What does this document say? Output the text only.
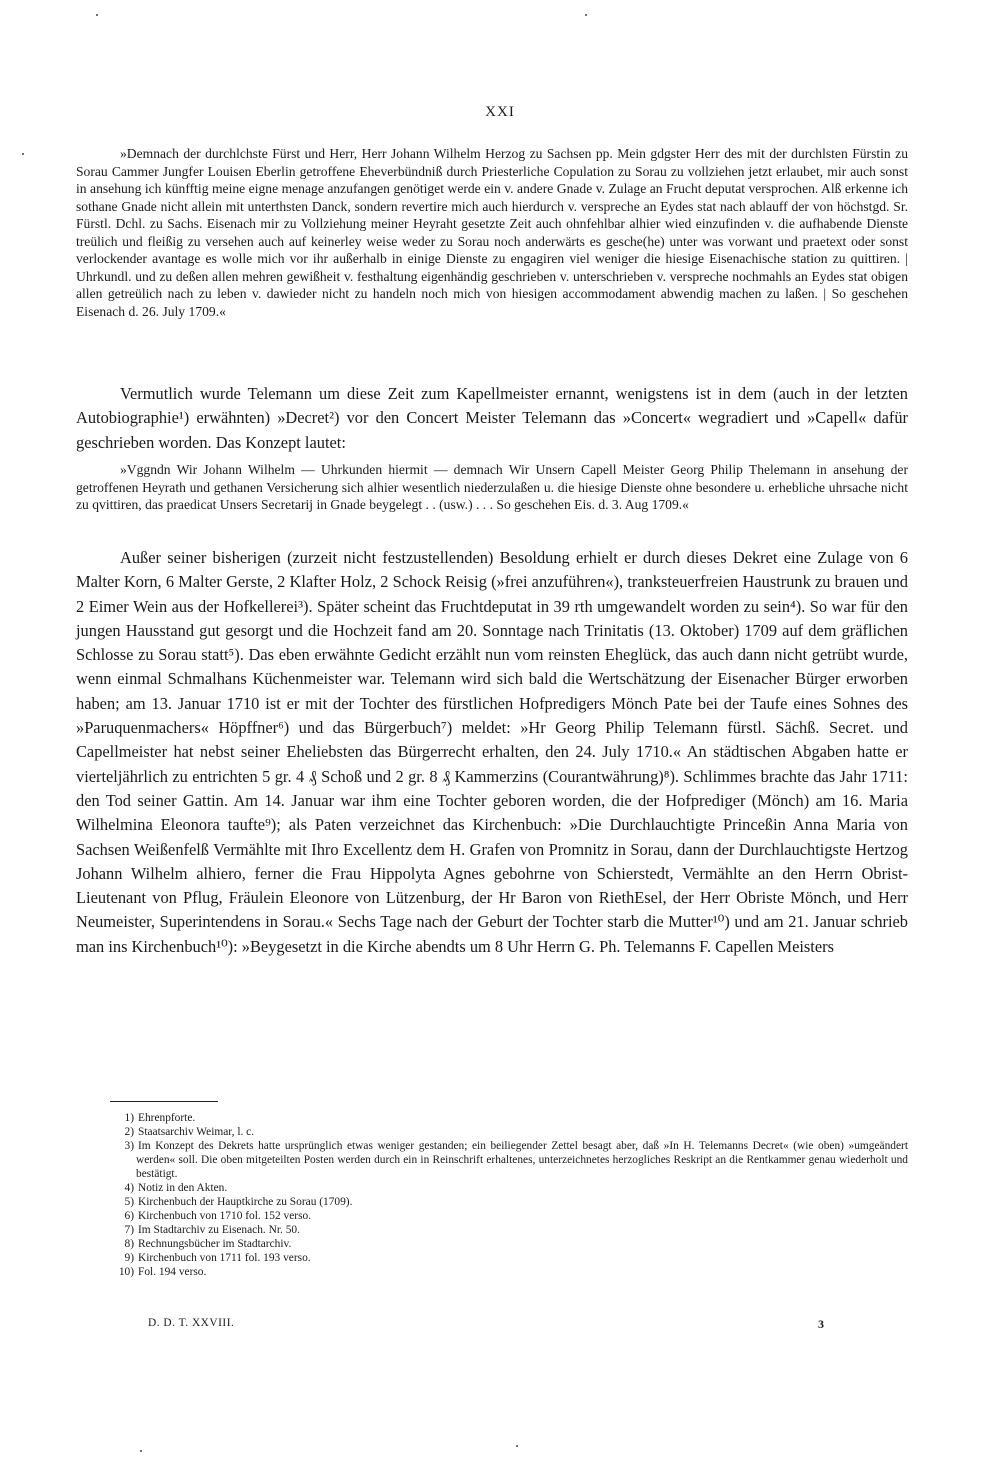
XXI

»Demnach der durchlchste Fürst und Herr, Herr Johann Wilhelm Herzog zu Sachsen pp. Mein gdgster Herr des mit der durchlsten Fürstin zu Sorau Cammer Jungfer Louisen Eberlin getroffene Eheverbündniß durch Priesterliche Copulation zu Sorau zu vollziehen jetzt erlaubet, mir auch sonst in ansehung ich künfftig meine eigne menage anzufangen genötiget werde ein v. andere Gnade v. Zulage an Frucht deputat versprochen. Alß erkenne ich sothane Gnade nicht allein mit unterthsten Danck, sondern revertire mich auch hierdurch v. verspreche an Eydes stat nach ablauff der von höchstgd. Sr. Fürstl. Dchl. zu Sachs. Eisenach mir zu Vollziehung meiner Heyraht gesetzte Zeit auch ohnfehlbar alhier wied einzufinden v. die aufhabende Dienste treülich und fleißig zu versehen auch auf keinerley weise weder zu Sorau noch anderwärts es gesche(he) unter was vorwant und praetext oder sonst verlockender avantage es wolle mich vor ihr außerhalb in einige Dienste zu engagiren viel weniger die hiesige Eisenachische station zu quittiren. | Uhrkundl. und zu deßen allen mehren gewißheit v. festhaltung eigenhändig geschrieben v. unterschrieben v. verspreche nochmahls an Eydes stat obigen allen getreülich nach zu leben v. dawieder nicht zu handeln noch mich von hiesigen accommodament abwendig machen zu laßen. | So geschehen Eisenach d. 26. July 1709.«

Vermutlich wurde Telemann um diese Zeit zum Kapellmeister ernannt, wenigstens ist in dem (auch in der letzten Autobiographie¹) erwähnten) »Decret²) vor den Concert Meister Telemann das »Concert« wegradiert und »Capell« dafür geschrieben worden. Das Konzept lautet:

»Vggndn Wir Johann Wilhelm — Uhrkunden hiermit — demnach Wir Unsern Capell Meister Georg Philip Thelemann in ansehung der getroffenen Heyrath und gethanen Versicherung sich alhier wesentlich niederzulaßen u. die hiesige Dienste ohne besondere u. erhebliche uhrsache nicht zu qvittiren, das praedicat Unsers Secretarij in Gnade beygelegt . . (usw.) . . . So geschehen Eis. d. 3. Aug 1709.«

Außer seiner bisherigen (zurzeit nicht festzustellenden) Besoldung erhielt er durch dieses Dekret eine Zulage von 6 Malter Korn, 6 Malter Gerste, 2 Klafter Holz, 2 Schock Reisig (»frei anzuführen«), tranksteuerfreien Haustrunk zu brauen und 2 Eimer Wein aus der Hofkellerei³). Später scheint das Fruchtdeputat in 39 rth umgewandelt worden zu sein⁴). So war für den jungen Hausstand gut gesorgt und die Hochzeit fand am 20. Sonntage nach Trinitatis (13. Oktober) 1709 auf dem gräflichen Schlosse zu Sorau statt⁵). Das eben erwähnte Gedicht erzählt nun vom reinsten Eheglück, das auch dann nicht getrübt wurde, wenn einmal Schmalhans Küchenmeister war. Telemann wird sich bald die Wertschätzung der Eisenacher Bürger erworben haben; am 13. Januar 1710 ist er mit der Tochter des fürstlichen Hofpredigers Mönch Pate bei der Taufe eines Sohnes des »Paruquenmachers« Höpffner⁶) und das Bürgerbuch⁷) meldet: »Hr Georg Philip Telemann fürstl. Sächß. Secret. und Capellmeister hat nebst seiner Eheliebsten das Bürgerrecht erhalten, den 24. July 1710.« An städtischen Abgaben hatte er vierteljährlich zu entrichten 5 gr. 4 ₰ Schoß und 2 gr. 8 ₰ Kammerzins (Courantwährung)⁸). Schlimmes brachte das Jahr 1711: den Tod seiner Gattin. Am 14. Januar war ihm eine Tochter geboren worden, die der Hofprediger (Mönch) am 16. Maria Wilhelmina Eleonora taufte⁹); als Paten verzeichnet das Kirchenbuch: »Die Durchlauchtigte Princeßin Anna Maria von Sachsen Weißenfelß Vermählte mit Ihro Excellentz dem H. Grafen von Promnitz in Sorau, dann der Durchlauchtigste Hertzog Johann Wilhelm alhiero, ferner die Frau Hippolyta Agnes gebohrne von Schierstedt, Vermählte an den Herrn Obrist-Lieutenant von Pflug, Fräulein Eleonore von Lützenburg, der Hr Baron von RiethEsel, der Herr Obriste Mönch, und Herr Neumeister, Superintendens in Sorau.« Sechs Tage nach der Geburt der Tochter starb die Mutter¹⁰) und am 21. Januar schrieb man ins Kirchenbuch¹⁰): »Beygesetzt in die Kirche abendts um 8 Uhr Herrn G. Ph. Telemanns F. Capellen Meisters

1) Ehrenpforte.

2) Staatsarchiv Weimar, l. c.

3) Im Konzept des Dekrets hatte ursprünglich etwas weniger gestanden; ein beiliegender Zettel besagt aber, daß »In H. Telemanns Decret« (wie oben) »umgeändert werden« soll. Die oben mitgeteilten Posten werden durch ein in Reinschrift erhaltenes, unterzeichnetes herzogliches Reskript an die Rentkammer genau wiederholt und bestätigt.

4) Notiz in den Akten.

5) Kirchenbuch der Hauptkirche zu Sorau (1709).

6) Kirchenbuch von 1710 fol. 152 verso.

7) Im Stadtarchiv zu Eisenach. Nr. 50.

8) Rechnungsbücher im Stadtarchiv.

9) Kirchenbuch von 1711 fol. 193 verso.

10) Fol. 194 verso.

D. D. T. XXVIII.	3
